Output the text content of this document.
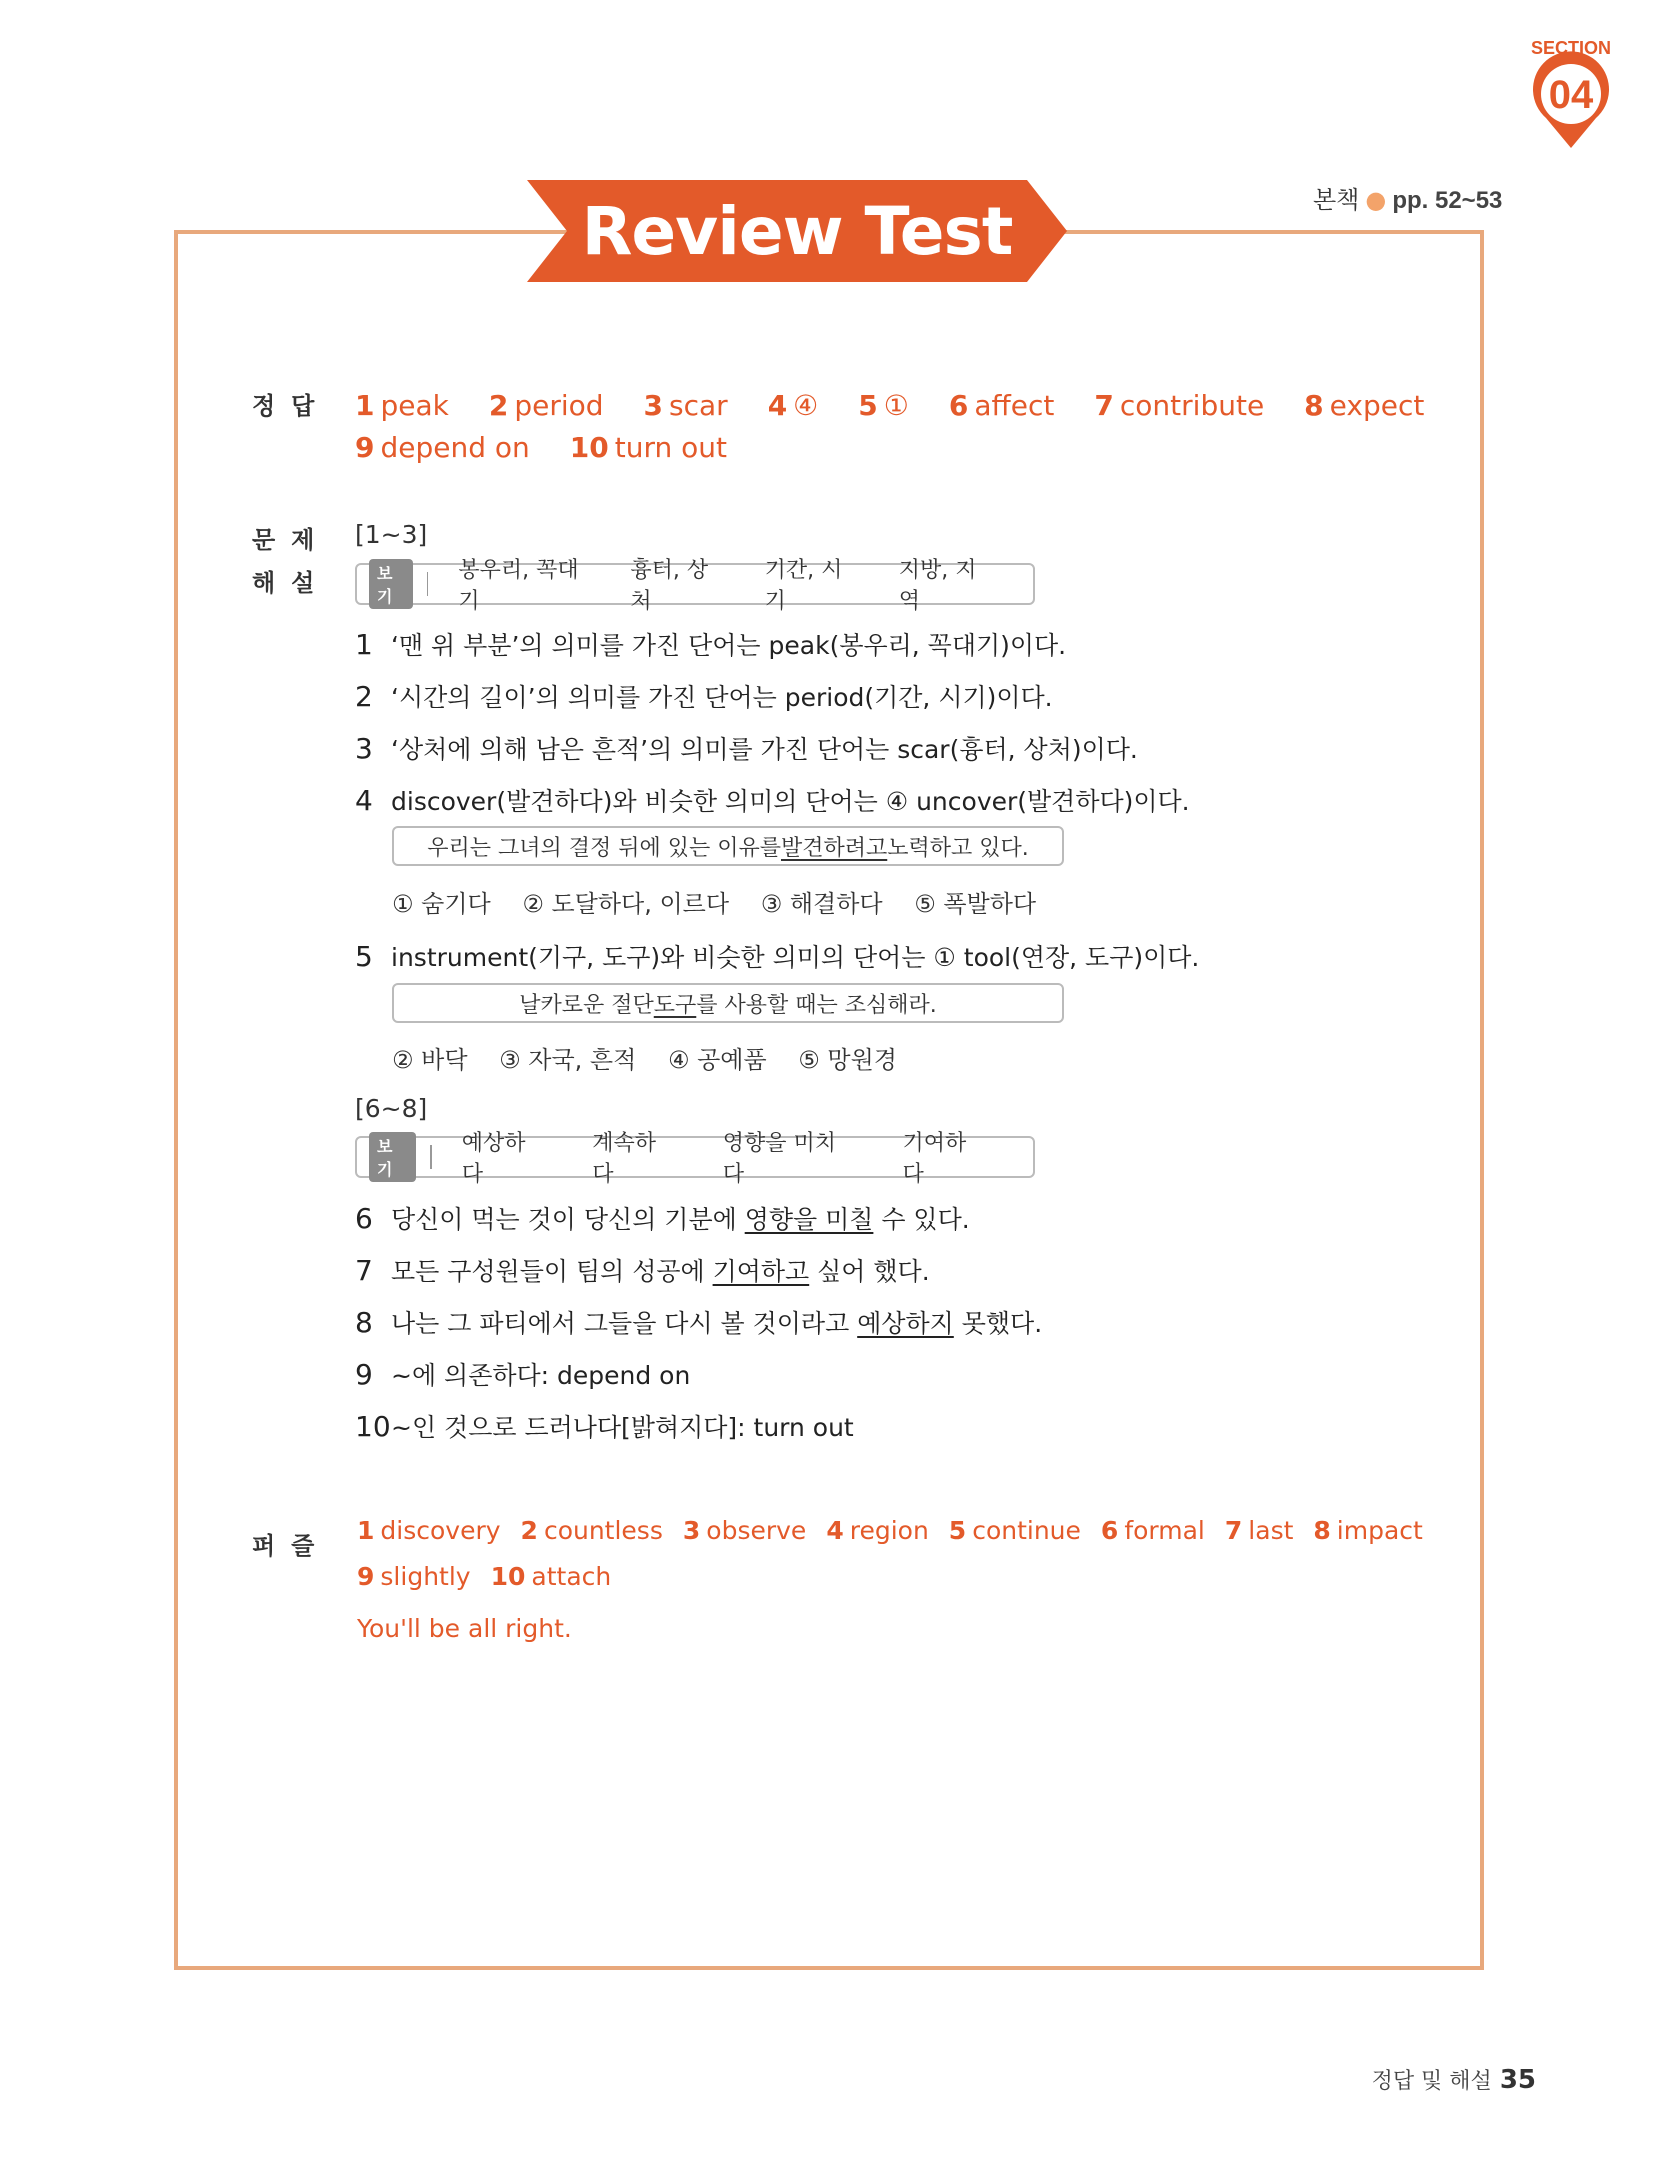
04
SECTION
본책 ● pp. 52~53
Review Test
정답
문제
해설
퍼즐
1 peak 2 period 3 scar 4 ④ 5 ① 6 affect 7 contribute 8 expect
9 depend on 10 turn out
[1~3]
보기
봉우리, 꼭대기
흉터, 상처
기간, 시기
지방, 지역
1 ‘맨 위 부분’의 의미를 가진 단어는 peak(봉우리, 꼭대기)이다.
2 ‘시간의 길이’의 의미를 가진 단어는 period(기간, 시기)이다.
3 ‘상처에 의해 남은 흔적’의 의미를 가진 단어는 scar(흉터, 상처)이다.
4 discover(발견하다)와 비슷한 의미의 단어는 ④ uncover(발견하다)이다.
우리는 그녀의 결정 뒤에 있는 이유를 발견하려고 노력하고 있다.
① 숨기다 ② 도달하다, 이르다 ③ 해결하다 ⑤ 폭발하다
5 instrument(기구, 도구)와 비슷한 의미의 단어는 ① tool(연장, 도구)이다.
날카로운 절단 도구 를 사용할 때는 조심해라.
② 바닥 ③ 자국, 흔적 ④ 공예품 ⑤ 망원경
[6~8]
보기
예상하다
계속하다
영향을 미치다
기여하다
6 당신이 먹는 것이 당신의 기분에 영향을 미칠 수 있다.
7 모든 구성원들이 팀의 성공에 기여하고 싶어 했다.
8 나는 그 파티에서 그들을 다시 볼 것이라고 예상하지 못했다.
9 ~에 의존하다: depend on
10~인 것으로 드러나다[밝혀지다]: turn out
1 discovery 2 countless 3 observe 4 region 5 continue 6 formal 7 last 8 impact
9 slightly 10 attach
You'll be all right.
정답 및 해설 35
